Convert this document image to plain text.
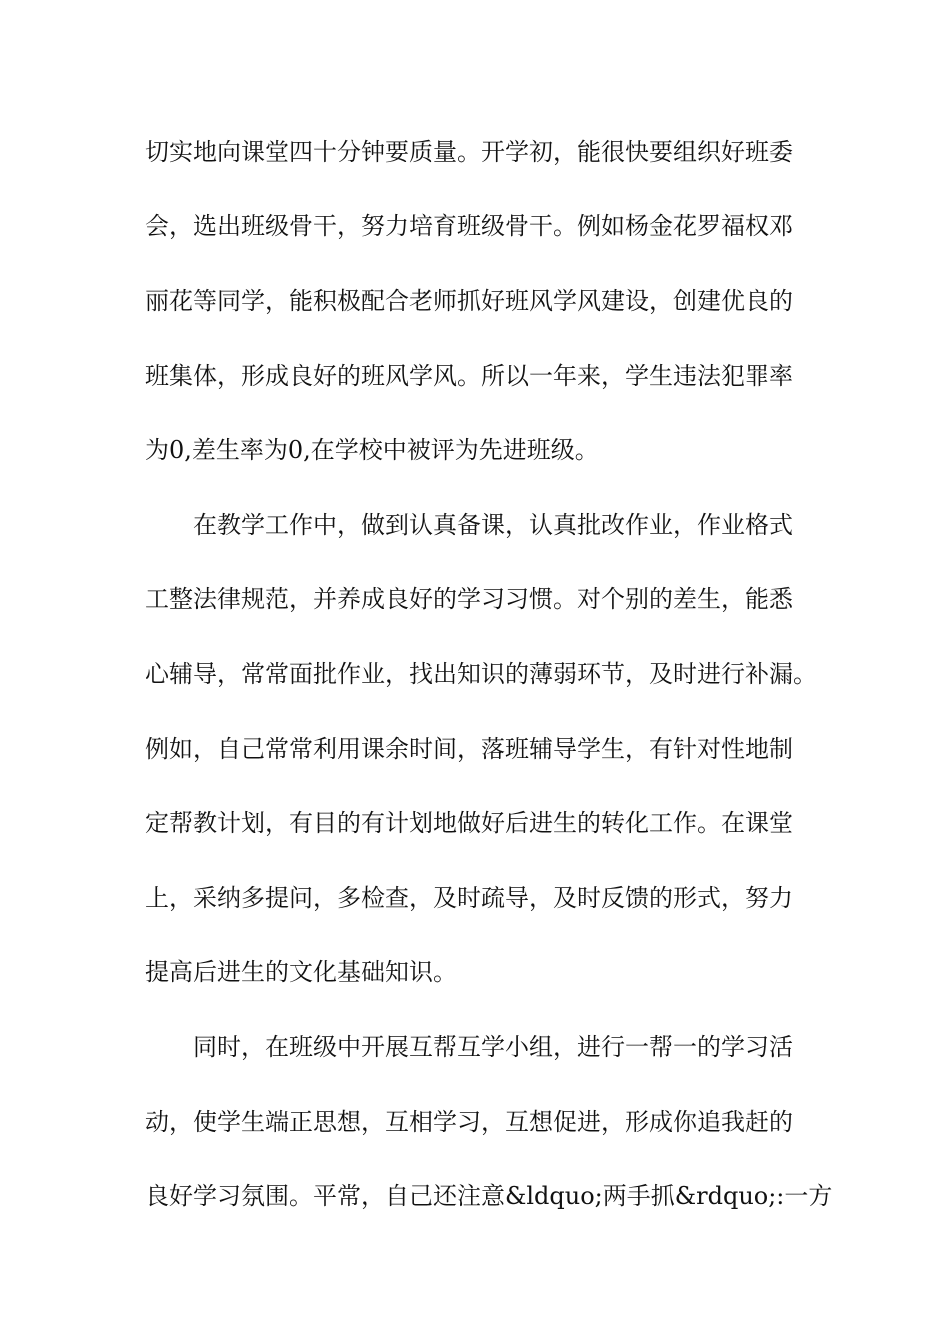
切实地向课堂四十分钟要质量。开学初，能很快要组织好班委
会，选出班级骨干，努力培育班级骨干。例如杨金花罗福权邓
丽花等同学，能积极配合老师抓好班风学风建设，创建优良的
班集体，形成良好的班风学风。所以一年来，学生违法犯罪率
为0,差生率为0,在学校中被评为先进班级。
　　在教学工作中，做到认真备课，认真批改作业，作业格式
工整法律规范，并养成良好的学习习惯。对个别的差生，能悉
心辅导，常常面批作业，找出知识的薄弱环节，及时进行补漏。
例如，自己常常利用课余时间，落班辅导学生，有针对性地制
定帮教计划，有目的有计划地做好后进生的转化工作。在课堂
上，采纳多提问，多检查，及时疏导，及时反馈的形式，努力
提高后进生的文化基础知识。
　　同时，在班级中开展互帮互学小组，进行一帮一的学习活
动，使学生端正思想，互相学习，互想促进，形成你追我赶的
良好学习氛围。平常，自己还注意&ldquo;两手抓&rdquo;:一方
